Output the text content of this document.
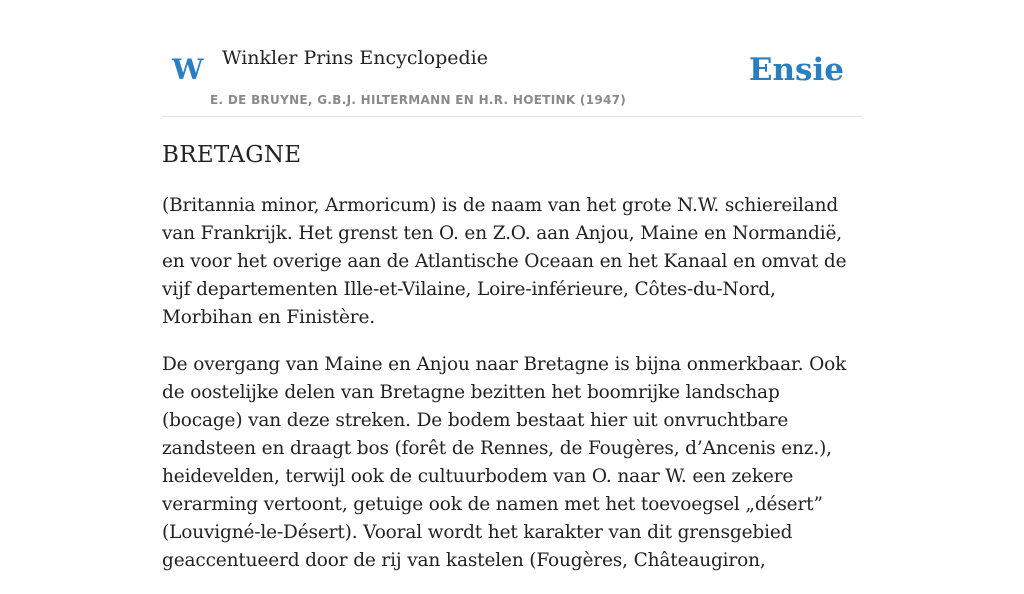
W Winkler Prins Encyclopedie
E. DE BRUYNE, G.B.J. HILTERMANN EN H.R. HOETINK (1947)
Ensie
BRETAGNE

(Britannia minor, Armoricum) is de naam van het grote N.W. schiereiland van Frankrijk. Het grenst ten O. en Z.O. aan Anjou, Maine en Normandië, en voor het overige aan de Atlantische Oceaan en het Kanaal en omvat de vijf departementen Ille-et-Vilaine, Loire-inférieure, Côtes-du-Nord, Morbihan en Finistère.

De overgang van Maine en Anjou naar Bretagne is bijna onmerkbaar. Ook de oostelijke delen van Bretagne bezitten het boomrijke landschap (bocage) van deze streken. De bodem bestaat hier uit onvruchtbare zandsteen en draagt bos (forêt de Rennes, de Fougères, d’Ancenis enz.), heidevelden, terwijl ook de cultuurbodem van O. naar W. een zekere verarming vertoont, getuige ook de namen met het toevoegsel „désert” (Louvigné-le-Désert). Vooral wordt het karakter van dit grensgebied geaccentueerd door de rij van kastelen (Fougères, Châteaugiron,
